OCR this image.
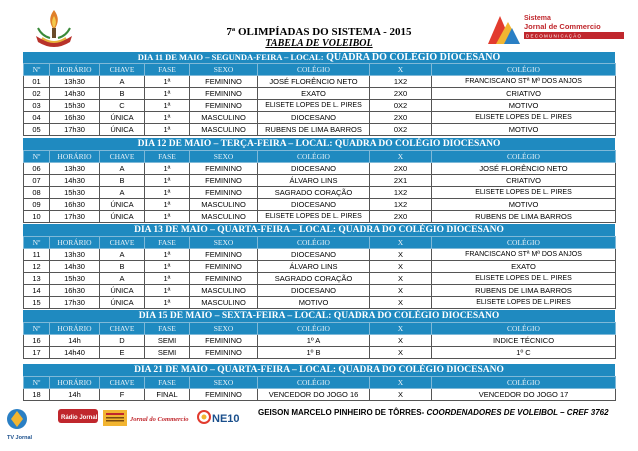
7ª OLIMPÍADAS DO SISTEMA - 2015
TABELA DE VOLEIBOL
Sistema
Jornal de Commercio
D E C O M U N I C A Ç Ã O
DIA 11 DE MAIO – SEGUNDA-FEIRA – LOCAL: QUADRA DO COLÉGIO DIOCESANO
Nº	HORÁRIO	CHAVE	FASE	SEXO	COLÉGIO	X	COLÉGIO
01	13h30	A	1ª	FEMININO	JOSÉ FLORÊNCIO NETO	1X2	FRANCISCANO STª Mª DOS ANJOS
02	14h30	B	1ª	FEMININO	EXATO	2X0	CRIATIVO
03	15h30	C	1ª	FEMININO	ELISETE LOPES DE L. PIRES	0X2	MOTIVO
04	16h30	ÚNICA	1ª	MASCULINO	DIOCESANO	2X0	ELISETE LOPES DE L. PIRES
05	17h30	ÚNICA	1ª	MASCULINO	RUBENS DE LIMA BARROS	0X2	MOTIVO
DIA 12 DE MAIO – TERÇA-FEIRA – LOCAL: QUADRA DO COLÉGIO DIOCESANO
Nº	HORÁRIO	CHAVE	FASE	SEXO	COLÉGIO	X	COLÉGIO
06	13h30	A	1ª	FEMININO	DIOCESANO	2X0	JOSÉ FLORÊNCIO NETO
07	14h30	B	1ª	FEMININO	ÁLVARO LINS	2X1	CRIATIVO
08	15h30	A	1ª	FEMININO	SAGRADO CORAÇÃO	1X2	ELISETE LOPES DE L. PIRES
09	16h30	ÚNICA	1ª	MASCULINO	DIOCESANO	1X2	MOTIVO
10	17h30	ÚNICA	1ª	MASCULINO	ELISETE LOPES DE L. PIRES	2X0	RUBENS DE LIMA BARROS
DIA 13 DE MAIO – QUARTA-FEIRA – LOCAL: QUADRA DO COLÉGIO DIOCESANO
Nº	HORÁRIO	CHAVE	FASE	SEXO	COLÉGIO	X	COLÉGIO
11	13h30	A	1ª	FEMININO	DIOCESANO	X	FRANCISCANO STª Mª DOS ANJOS
12	14h30	B	1ª	FEMININO	ÁLVARO LINS	X	EXATO
13	15h30	A	1ª	FEMININO	SAGRADO CORAÇÃO	X	ELISETE LOPES DE L. PIRES
14	16h30	ÚNICA	1ª	MASCULINO	DIOCESANO	X	RUBENS DE LIMA BARROS
15	17h30	ÚNICA	1ª	MASCULINO	MOTIVO	X	ELISETE LOPES DE L.PIRES
DIA 15 DE MAIO – SEXTA-FEIRA – LOCAL: QUADRA DO COLÉGIO DIOCESANO
Nº	HORÁRIO	CHAVE	FASE	SEXO	COLÉGIO	X	COLÉGIO
16	14h	D	SEMI	FEMININO	1º A	X	INDICE TÉCNICO
17	14h40	E	SEMI	FEMININO	1º B	X	1º C
DIA 21 DE MAIO – QUARTA-FEIRA – LOCAL: QUADRA DO COLÉGIO DIOCESANO
Nº	HORÁRIO	CHAVE	FASE	SEXO	COLÉGIO	X	COLÉGIO
18	14h	F	FINAL	FEMININO	VENCEDOR DO JOGO 16	X	VENCEDOR DO JOGO 17
TV Jornal
Rádio Jornal	Jornal do Commercio NE10
GEISON MARCELO PINHEIRO DE TÔRRES- COORDENADORES DE VOLEIBOL – CREF 3762
